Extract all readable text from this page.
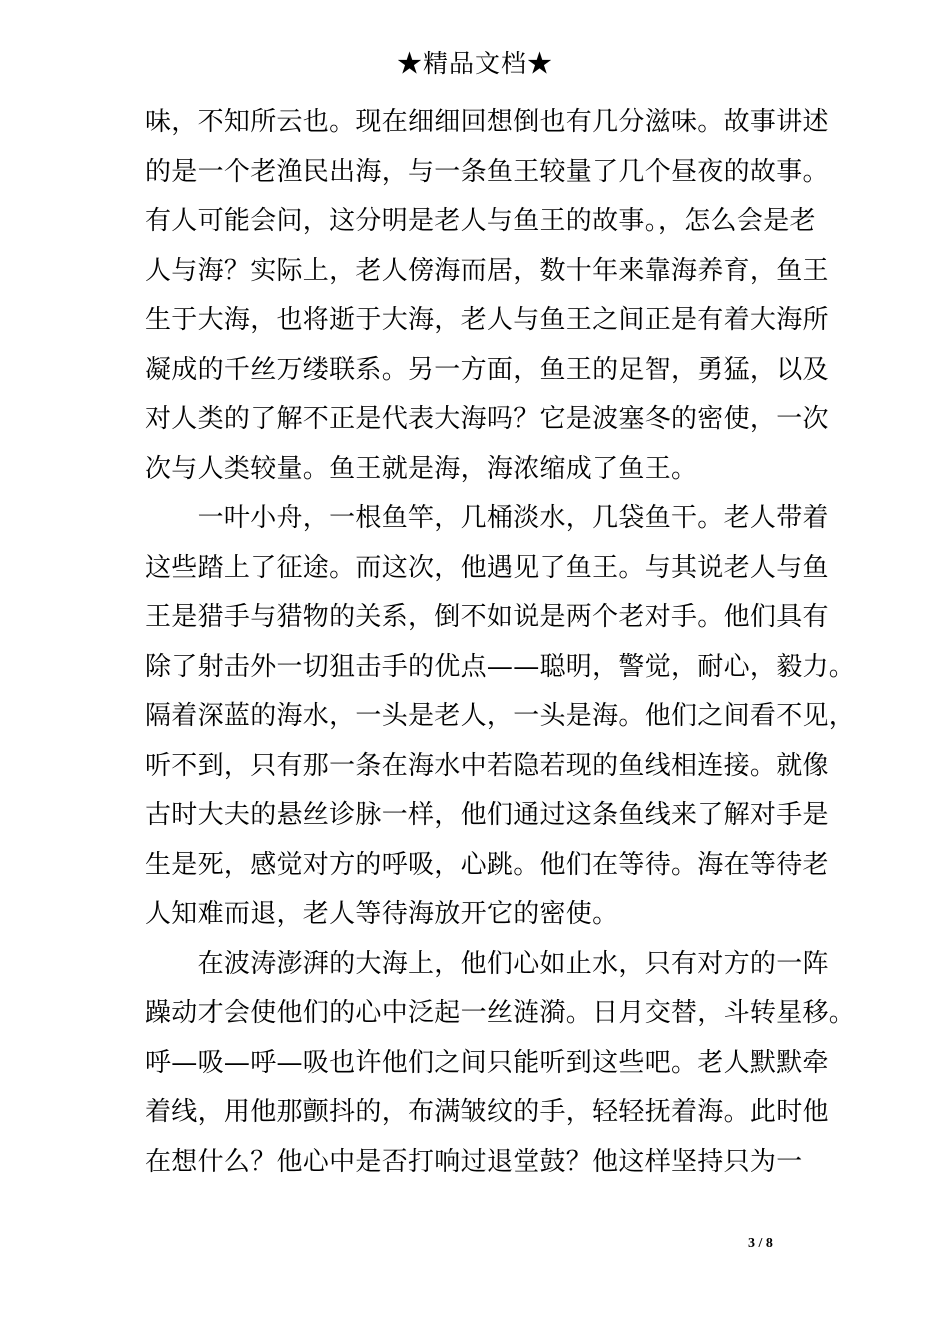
★精品文档★
味，不知所云也。现在细细回想倒也有几分滋味。故事讲述
的是一个老渔民出海，与一条鱼王较量了几个昼夜的故事。
有人可能会问，这分明是老人与鱼王的故事。，怎么会是老
人与海？实际上，老人傍海而居，数十年来靠海养育，鱼王
生于大海，也将逝于大海，老人与鱼王之间正是有着大海所
凝成的千丝万缕联系。另一方面，鱼王的足智，勇猛，以及
对人类的了解不正是代表大海吗？它是波塞冬的密使，一次
次与人类较量。鱼王就是海，海浓缩成了鱼王。
　　一叶小舟，一根鱼竿，几桶淡水，几袋鱼干。老人带着
这些踏上了征途。而这次，他遇见了鱼王。与其说老人与鱼
王是猎手与猎物的关系，倒不如说是两个老对手。他们具有
除了射击外一切狙击手的优点——聪明，警觉，耐心，毅力。
隔着深蓝的海水，一头是老人，一头是海。他们之间看不见，
听不到，只有那一条在海水中若隐若现的鱼线相连接。就像
古时大夫的悬丝诊脉一样，他们通过这条鱼线来了解对手是
生是死，感觉对方的呼吸，心跳。他们在等待。海在等待老
人知难而退，老人等待海放开它的密使。
　　在波涛澎湃的大海上，他们心如止水，只有对方的一阵
躁动才会使他们的心中泛起一丝涟漪。日月交替，斗转星移。
呼—吸—呼—吸也许他们之间只能听到这些吧。老人默默牵
着线，用他那颤抖的，布满皱纹的手，轻轻抚着海。此时他
在想什么？他心中是否打响过退堂鼓？他这样坚持只为一
3 / 8
